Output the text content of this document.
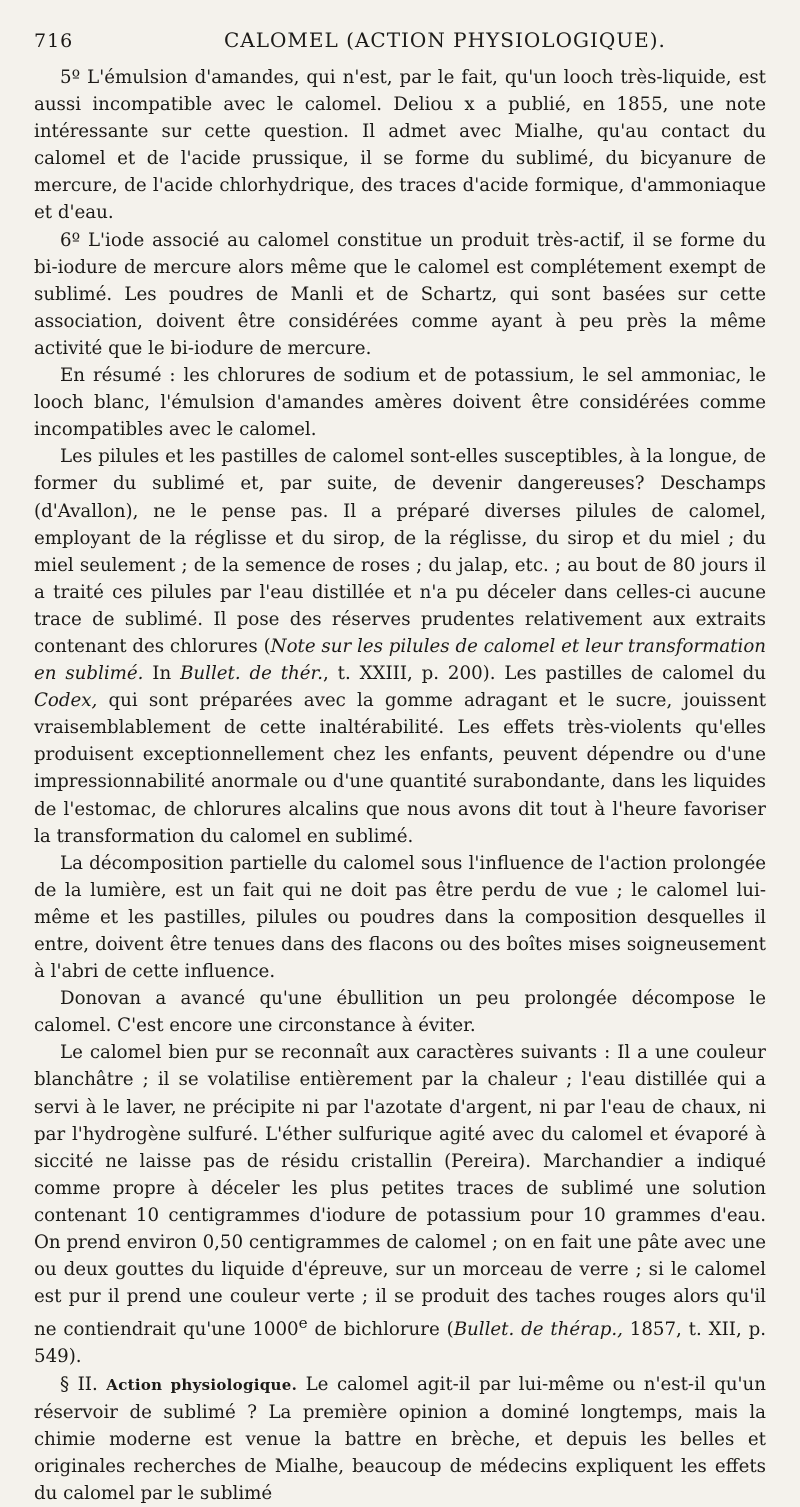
716	CALOMEL (ACTION PHYSIOLOGIQUE).

5º L'émulsion d'amandes, qui n'est, par le fait, qu'un looch très-liquide, est aussi incompatible avec le calomel. Deliou x a publié, en 1855, une note intéressante sur cette question. Il admet avec Mialhe, qu'au contact du calomel et de l'acide prussique, il se forme du sublimé, du bicyanure de mercure, de l'acide chlorhydrique, des traces d'acide formique, d'ammoniaque et d'eau.

6º L'iode associé au calomel constitue un produit très-actif, il se forme du bi-iodure de mercure alors même que le calomel est complétement exempt de sublimé. Les poudres de Manli et de Schartz, qui sont basées sur cette association, doivent être considérées comme ayant à peu près la même activité que le bi-iodure de mercure.

En résumé : les chlorures de sodium et de potassium, le sel ammoniac, le looch blanc, l'émulsion d'amandes amères doivent être considérées comme incompatibles avec le calomel.

Les pilules et les pastilles de calomel sont-elles susceptibles, à la longue, de former du sublimé et, par suite, de devenir dangereuses? Deschamps (d'Avallon), ne le pense pas. Il a préparé diverses pilules de calomel, employant de la réglisse et du sirop, de la réglisse, du sirop et du miel ; du miel seulement ; de la semence de roses ; du jalap, etc. ; au bout de 80 jours il a traité ces pilules par l'eau distillée et n'a pu déceler dans celles-ci aucune trace de sublimé. Il pose des réserves prudentes relativement aux extraits contenant des chlorures (Note sur les pilules de calomel et leur transformation en sublimé. In Bullet. de thér., t. XXIII, p. 200). Les pastilles de calomel du Codex, qui sont préparées avec la gomme adragant et le sucre, jouissent vraisemblablement de cette inaltérabilité. Les effets très-violents qu'elles produisent exceptionnellement chez les enfants, peuvent dépendre ou d'une impressionnabilité anormale ou d'une quantité surabondante, dans les liquides de l'estomac, de chlorures alcalins que nous avons dit tout à l'heure favoriser la transformation du calomel en sublimé.

La décomposition partielle du calomel sous l'influence de l'action prolongée de la lumière, est un fait qui ne doit pas être perdu de vue ; le calomel lui-même et les pastilles, pilules ou poudres dans la composition desquelles il entre, doivent être tenues dans des flacons ou des boîtes mises soigneusement à l'abri de cette influence.

Donovan a avancé qu'une ébullition un peu prolongée décompose le calomel. C'est encore une circonstance à éviter.

Le calomel bien pur se reconnaît aux caractères suivants : Il a une couleur blanchâtre ; il se volatilise entièrement par la chaleur ; l'eau distillée qui a servi à le laver, ne précipite ni par l'azotate d'argent, ni par l'eau de chaux, ni par l'hydrogène sulfuré. L'éther sulfurique agité avec du calomel et évaporé à siccité ne laisse pas de résidu cristallin (Pereira). Marchandier a indiqué comme propre à déceler les plus petites traces de sublimé une solution contenant 10 centigrammes d'iodure de potassium pour 10 grammes d'eau. On prend environ 0,50 centigrammes de calomel ; on en fait une pâte avec une ou deux gouttes du liquide d'épreuve, sur un morceau de verre ; si le calomel est pur il prend une couleur verte ; il se produit des taches rouges alors qu'il ne contiendrait qu'une 1000e de bichlorure (Bullet. de thérap., 1857, t. XII, p. 549).

§ II. Action physiologique. Le calomel agit-il par lui-même ou n'est-il qu'un réservoir de sublimé ? La première opinion a dominé longtemps, mais la chimie moderne est venue la battre en brèche, et depuis les belles et originales recherches de Mialhe, beaucoup de médecins expliquent les effets du calomel par le sublimé
